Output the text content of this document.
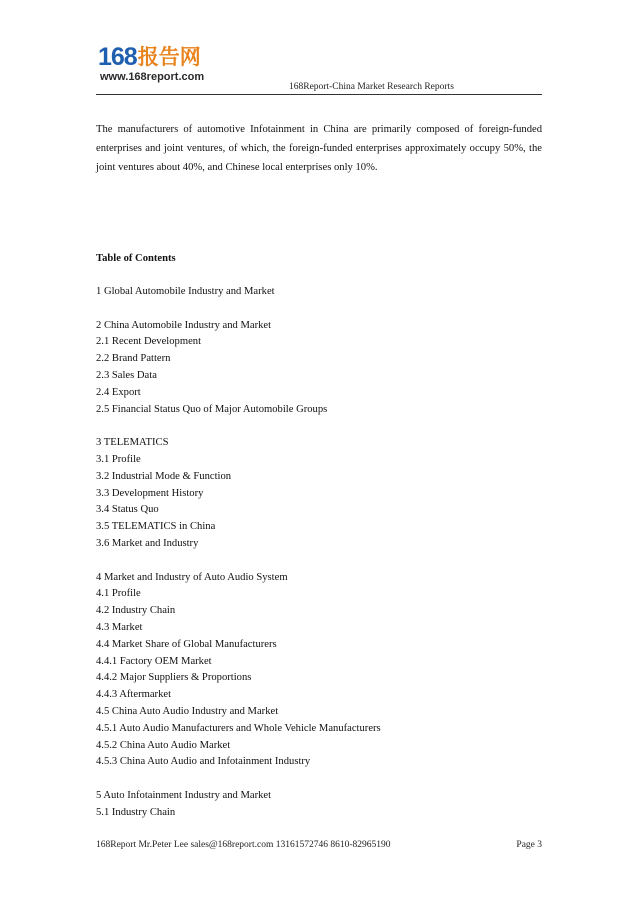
168报告网
www.168report.com
168Report-China Market Research Reports

The manufacturers of automotive Infotainment in China are primarily composed of foreign-funded enterprises and joint ventures, of which, the foreign-funded enterprises approximately occupy 50%, the joint ventures about 40%, and Chinese local enterprises only 10%.

Table of Contents

1 Global Automobile Industry and Market
2 China Automobile Industry and Market
2.1 Recent Development
2.2 Brand Pattern
2.3 Sales Data
2.4 Export
2.5 Financial Status Quo of Major Automobile Groups
3 TELEMATICS
3.1 Profile
3.2 Industrial Mode & Function
3.3 Development History
3.4 Status Quo
3.5 TELEMATICS in China
3.6 Market and Industry
4 Market and Industry of Auto Audio System
4.1 Profile
4.2 Industry Chain
4.3 Market
4.4 Market Share of Global Manufacturers
4.4.1 Factory OEM Market
4.4.2 Major Suppliers & Proportions
4.4.3 Aftermarket
4.5 China Auto Audio Industry and Market
4.5.1 Auto Audio Manufacturers and Whole Vehicle Manufacturers
4.5.2 China Auto Audio Market
4.5.3 China Auto Audio and Infotainment Industry
5 Auto Infotainment Industry and Market
5.1 Industry Chain
168Report Mr.Peter Lee sales@168report.com 13161572746 8610-82965190	Page 3
